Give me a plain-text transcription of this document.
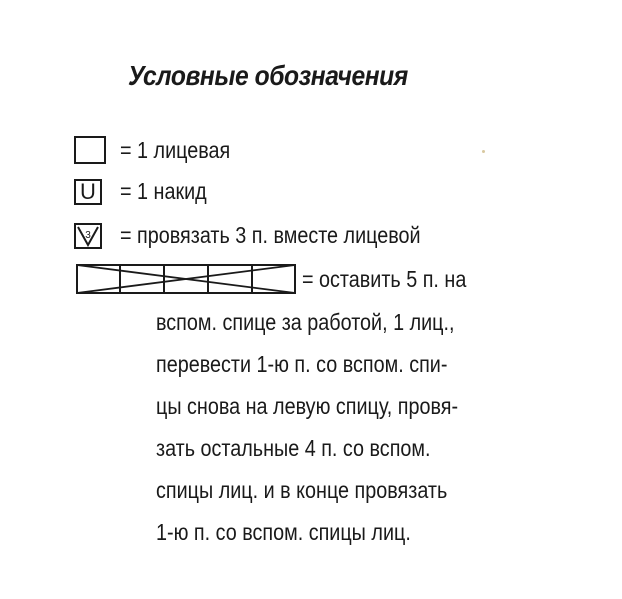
Условные обозначения
= 1 лицевая
U = 1 накид
3 = провязать 3 п. вместе лицевой
= оставить 5 п. на
вспом. спице за работой, 1 лиц.,
перевести 1-ю п. со вспом. спи-
цы снова на левую спицу, провя-
зать остальные 4 п. со вспом.
спицы лиц. и в конце провязать
1-ю п. со вспом. спицы лиц.
